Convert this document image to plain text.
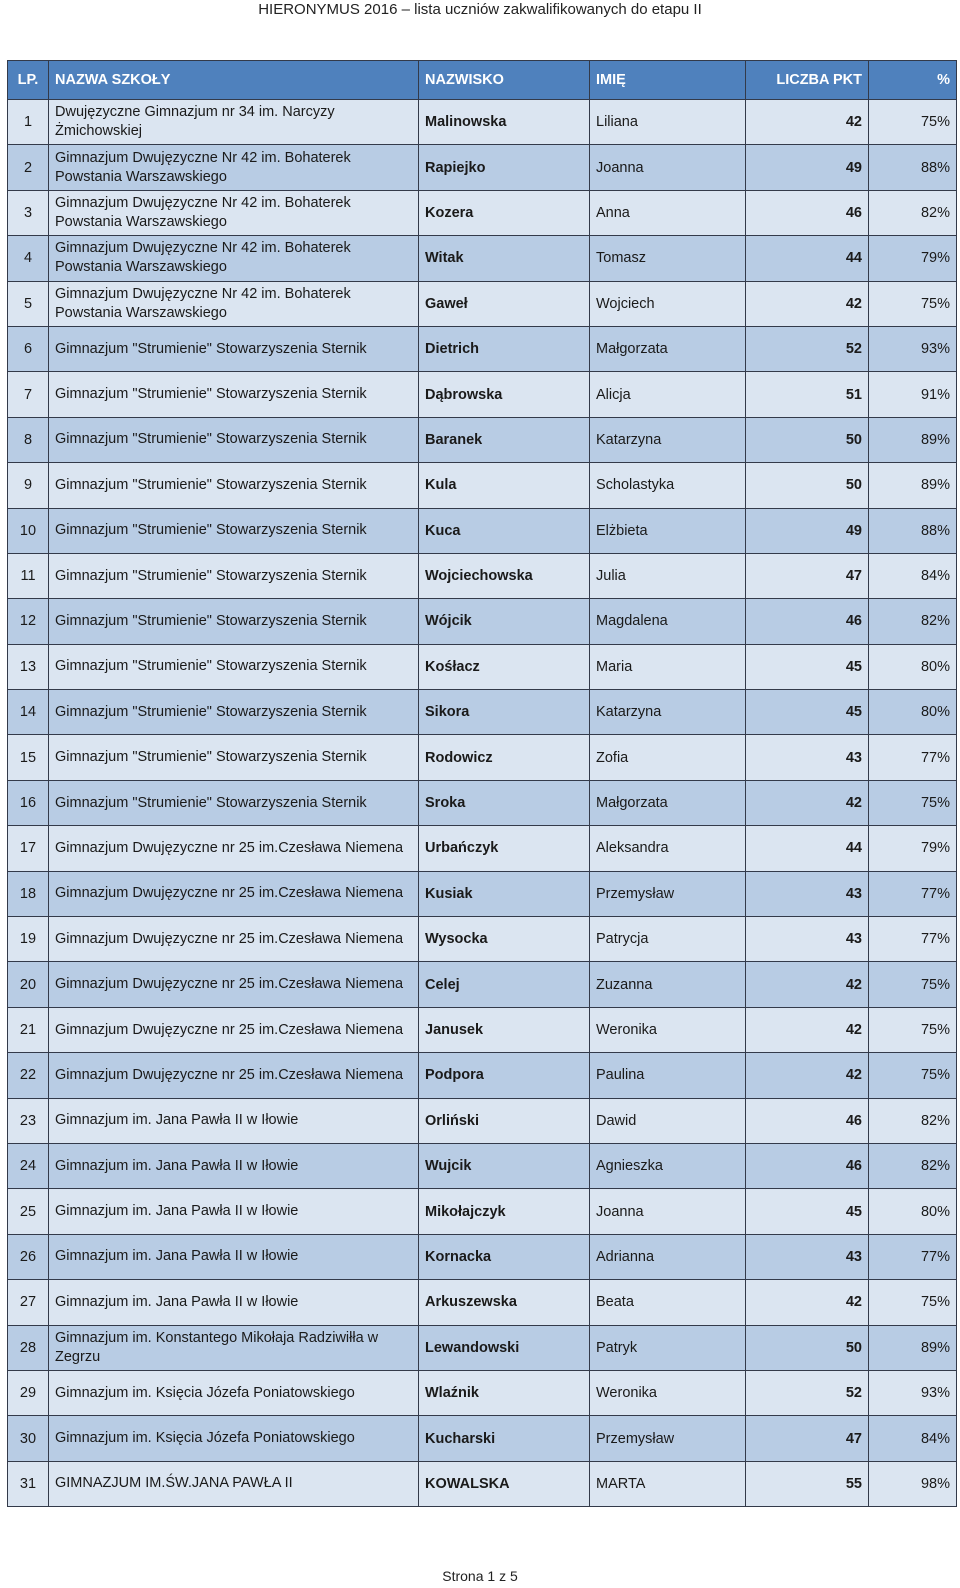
HIERONYMUS 2016 – lista uczniów zakwalifikowanych do etapu II
LP.	NAZWA SZKOŁY	NAZWISKO	IMIĘ	LICZBA PKT	%
1	Dwujęzyczne Gimnazjum nr 34 im. Narcyzy Żmichowskiej	Malinowska	Liliana	42	75%
2	Gimnazjum Dwujęzyczne Nr 42 im. Bohaterek Powstania Warszawskiego	Rapiejko	Joanna	49	88%
3	Gimnazjum Dwujęzyczne Nr 42 im. Bohaterek Powstania Warszawskiego	Kozera	Anna	46	82%
4	Gimnazjum Dwujęzyczne Nr 42 im. Bohaterek Powstania Warszawskiego	Witak	Tomasz	44	79%
5	Gimnazjum Dwujęzyczne Nr 42 im. Bohaterek Powstania Warszawskiego	Gaweł	Wojciech	42	75%
6	Gimnazjum "Strumienie" Stowarzyszenia Sternik	Dietrich	Małgorzata	52	93%
7	Gimnazjum "Strumienie" Stowarzyszenia Sternik	Dąbrowska	Alicja	51	91%
8	Gimnazjum "Strumienie" Stowarzyszenia Sternik	Baranek	Katarzyna	50	89%
9	Gimnazjum "Strumienie" Stowarzyszenia Sternik	Kula	Scholastyka	50	89%
10	Gimnazjum "Strumienie" Stowarzyszenia Sternik	Kuca	Elżbieta	49	88%
11	Gimnazjum "Strumienie" Stowarzyszenia Sternik	Wojciechowska	Julia	47	84%
12	Gimnazjum "Strumienie" Stowarzyszenia Sternik	Wójcik	Magdalena	46	82%
13	Gimnazjum "Strumienie" Stowarzyszenia Sternik	Kośłacz	Maria	45	80%
14	Gimnazjum "Strumienie" Stowarzyszenia Sternik	Sikora	Katarzyna	45	80%
15	Gimnazjum "Strumienie" Stowarzyszenia Sternik	Rodowicz	Zofia	43	77%
16	Gimnazjum "Strumienie" Stowarzyszenia Sternik	Sroka	Małgorzata	42	75%
17	Gimnazjum Dwujęzyczne nr 25 im.Czesława Niemena	Urbańczyk	Aleksandra	44	79%
18	Gimnazjum Dwujęzyczne nr 25 im.Czesława Niemena	Kusiak	Przemysław	43	77%
19	Gimnazjum Dwujęzyczne nr 25 im.Czesława Niemena	Wysocka	Patrycja	43	77%
20	Gimnazjum Dwujęzyczne nr 25 im.Czesława Niemena	Celej	Zuzanna	42	75%
21	Gimnazjum Dwujęzyczne nr 25 im.Czesława Niemena	Janusek	Weronika	42	75%
22	Gimnazjum Dwujęzyczne nr 25 im.Czesława Niemena	Podpora	Paulina	42	75%
23	Gimnazjum im. Jana Pawła II w Iłowie	Orliński	Dawid	46	82%
24	Gimnazjum im. Jana Pawła II w Iłowie	Wujcik	Agnieszka	46	82%
25	Gimnazjum im. Jana Pawła II w Iłowie	Mikołajczyk	Joanna	45	80%
26	Gimnazjum im. Jana Pawła II w Iłowie	Kornacka	Adrianna	43	77%
27	Gimnazjum im. Jana Pawła II w Iłowie	Arkuszewska	Beata	42	75%
28	Gimnazjum im. Konstantego Mikołaja Radziwiłła w Zegrzu	Lewandowski	Patryk	50	89%
29	Gimnazjum im. Księcia Józefa Poniatowskiego	Wlaźnik	Weronika	52	93%
30	Gimnazjum im. Księcia Józefa Poniatowskiego	Kucharski	Przemysław	47	84%
31	GIMNAZJUM IM.ŚW.JANA PAWŁA II	KOWALSKA	MARTA	55	98%
Strona 1 z 5
